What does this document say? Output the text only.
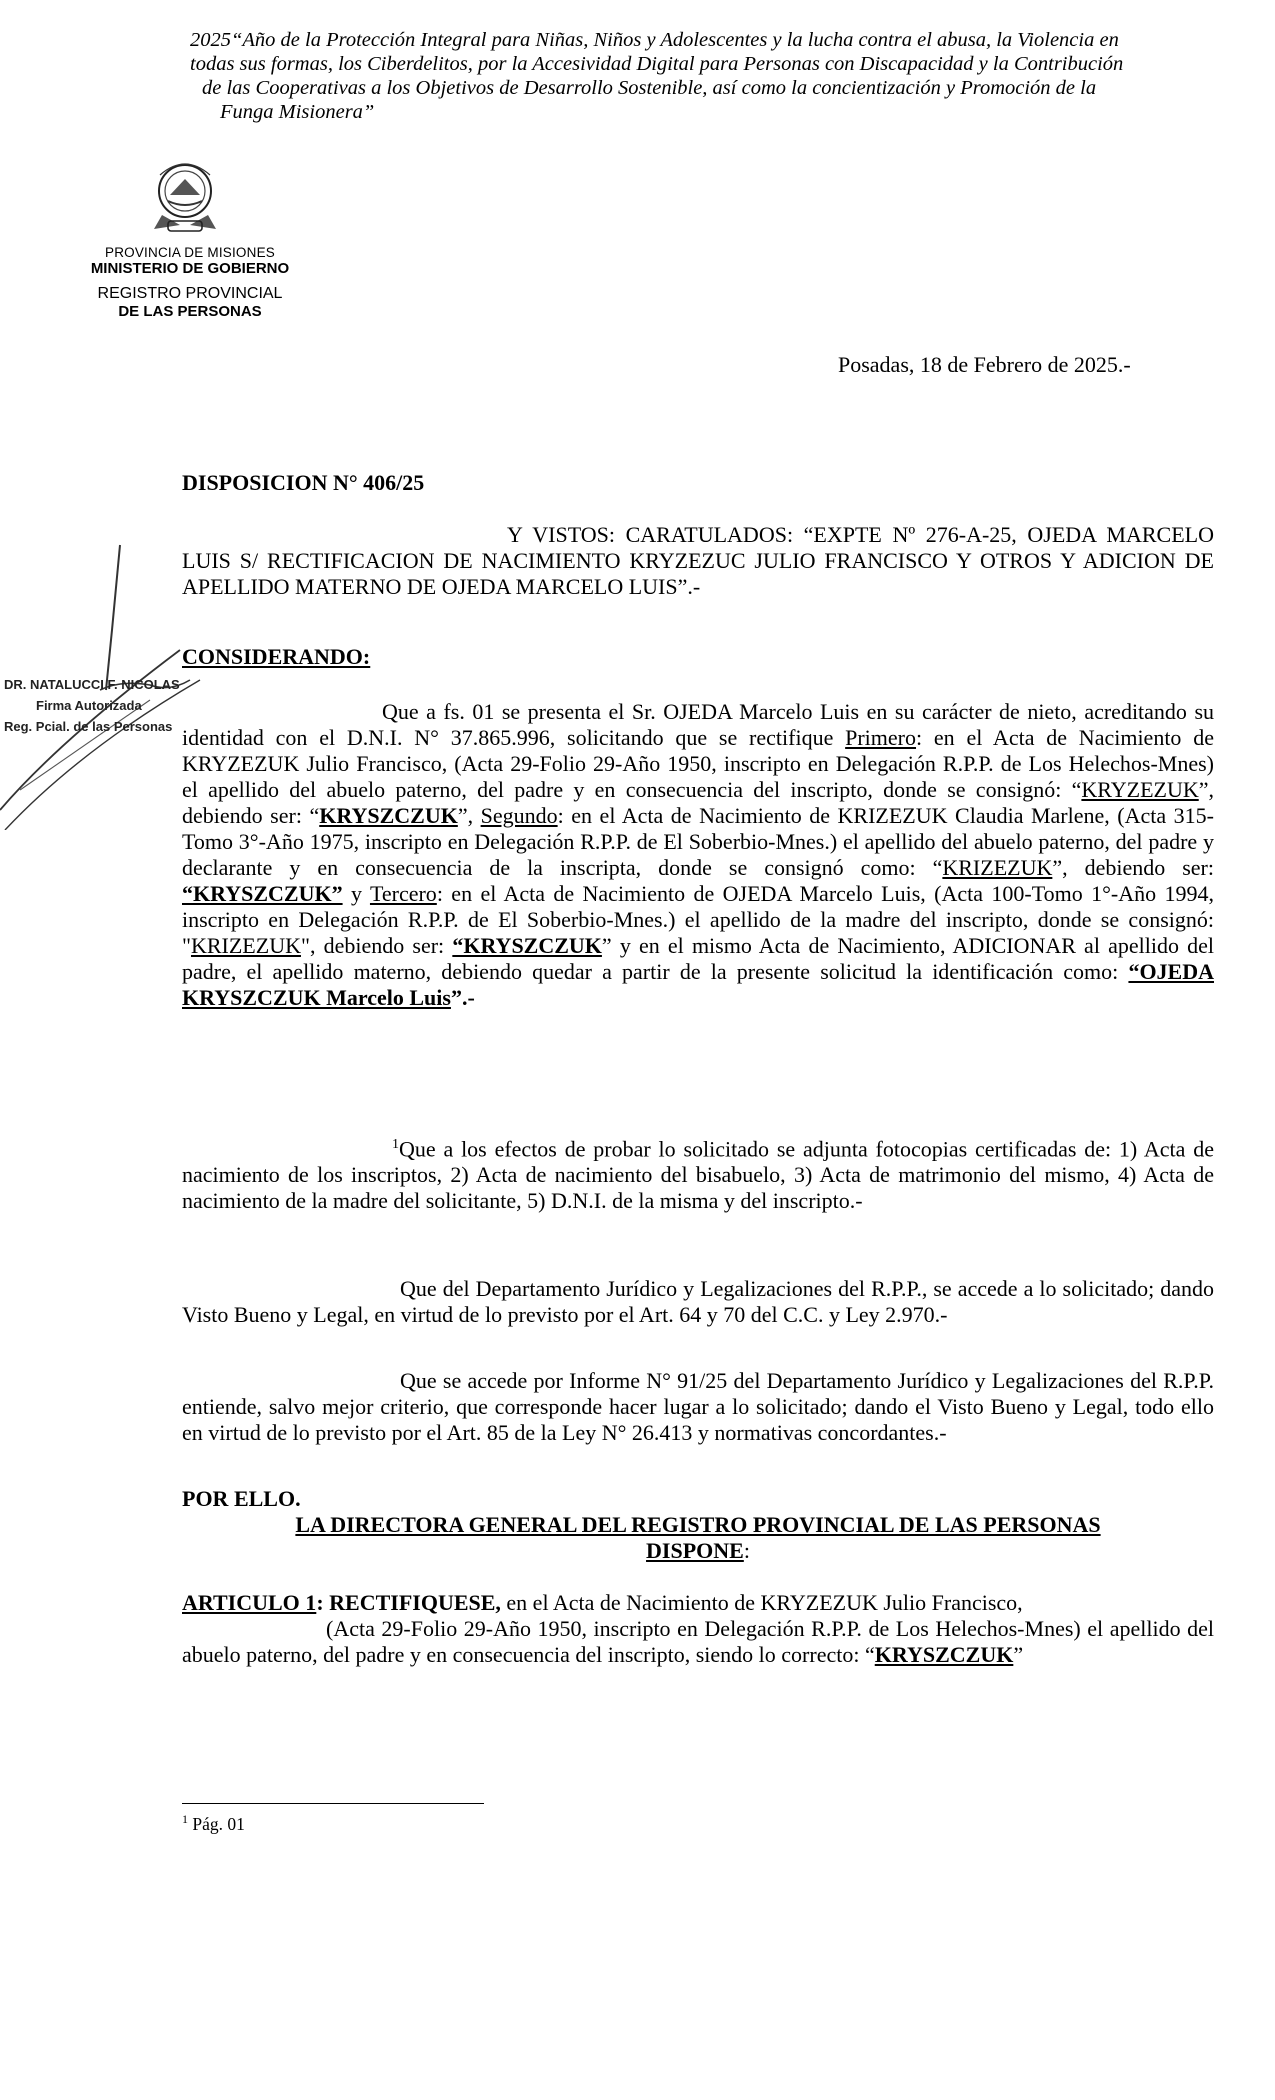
2025“Año de la Protección Integral para Niñas, Niños y Adolescentes y la lucha contra el abusa, la Violencia en
todas sus formas, los Ciberdelitos, por la Accesividad Digital para Personas con Discapacidad y la Contribución
de las Cooperativas a los Objetivos de Desarrollo Sostenible, así como la concientización y Promoción de la
Funga Misionera”
PROVINCIA DE MISIONES
MINISTERIO DE GOBIERNO
REGISTRO PROVINCIAL
DE LAS PERSONAS
Posadas, 18 de Febrero de 2025.-
DISPOSICION N° 406/25

Y VISTOS: CARATULADOS: “EXPTE Nº 276-A-25, OJEDA MARCELO LUIS S/ RECTIFICACION DE NACIMIENTO KRYZEZUC JULIO FRANCISCO Y OTROS Y ADICION DE APELLIDO MATERNO DE OJEDA MARCELO LUIS”.-

CONSIDERANDO:

Que a fs. 01 se presenta el Sr. OJEDA Marcelo Luis en su carácter de nieto, acreditando su identidad con el D.N.I. N° 37.865.996, solicitando que se rectifique Primero: en el Acta de Nacimiento de KRYZEZUK Julio Francisco, (Acta 29-Folio 29-Año 1950, inscripto en Delegación R.P.P. de Los Helechos-Mnes) el apellido del abuelo paterno, del padre y en consecuencia del inscripto, donde se consignó: “KRYZEZUK”, debiendo ser: “KRYSZCZUK”, Segundo: en el Acta de Nacimiento de KRIZEZUK Claudia Marlene, (Acta 315-Tomo 3°-Año 1975, inscripto en Delegación R.P.P. de El Soberbio-Mnes.) el apellido del abuelo paterno, del padre y declarante y en consecuencia de la inscripta, donde se consignó como: “KRIZEZUK”, debiendo ser: “KRYSZCZUK” y Tercero: en el Acta de Nacimiento de OJEDA Marcelo Luis, (Acta 100-Tomo 1°-Año 1994, inscripto en Delegación R.P.P. de El Soberbio-Mnes.) el apellido de la madre del inscripto, donde se consignó: "KRIZEZUK", debiendo ser: “KRYSZCZUK” y en el mismo Acta de Nacimiento, ADICIONAR al apellido del padre, el apellido materno, debiendo quedar a partir de la presente solicitud la identificación como: “OJEDA KRYSZCZUK Marcelo Luis”.-

$^1$Que a los efectos de probar lo solicitado se adjunta fotocopias certificadas de: 1) Acta de nacimiento de los inscriptos, 2) Acta de nacimiento del bisabuelo, 3) Acta de matrimonio del mismo, 4) Acta de nacimiento de la madre del solicitante, 5) D.N.I. de la misma y del inscripto.-

Que del Departamento Jurídico y Legalizaciones del R.P.P., se accede a lo solicitado; dando Visto Bueno y Legal, en virtud de lo previsto por el Art. 64 y 70 del C.C. y Ley 2.970.-

Que se accede por Informe N° 91/25 del Departamento Jurídico y Legalizaciones del R.P.P. entiende, salvo mejor criterio, que corresponde hacer lugar a lo solicitado; dando el Visto Bueno y Legal, todo ello en virtud de lo previsto por el Art. 85 de la Ley N° 26.413 y normativas concordantes.-

POR ELLO.
LA DIRECTORA GENERAL DEL REGISTRO PROVINCIAL DE LAS PERSONAS
DISPONE:

ARTICULO 1: RECTIFIQUESE, en el Acta de Nacimiento de KRYZEZUK Julio Francisco,
(Acta 29-Folio 29-Año 1950, inscripto en Delegación R.P.P. de Los Helechos-Mnes) el apellido del abuelo paterno, del padre y en consecuencia del inscripto, siendo lo correcto: “KRYSZCZUK”

DR. NATALUCCI F. NICOLAS
Firma Autorizada
Reg. Pcial. de las Personas
$^1$ Pág. 01
